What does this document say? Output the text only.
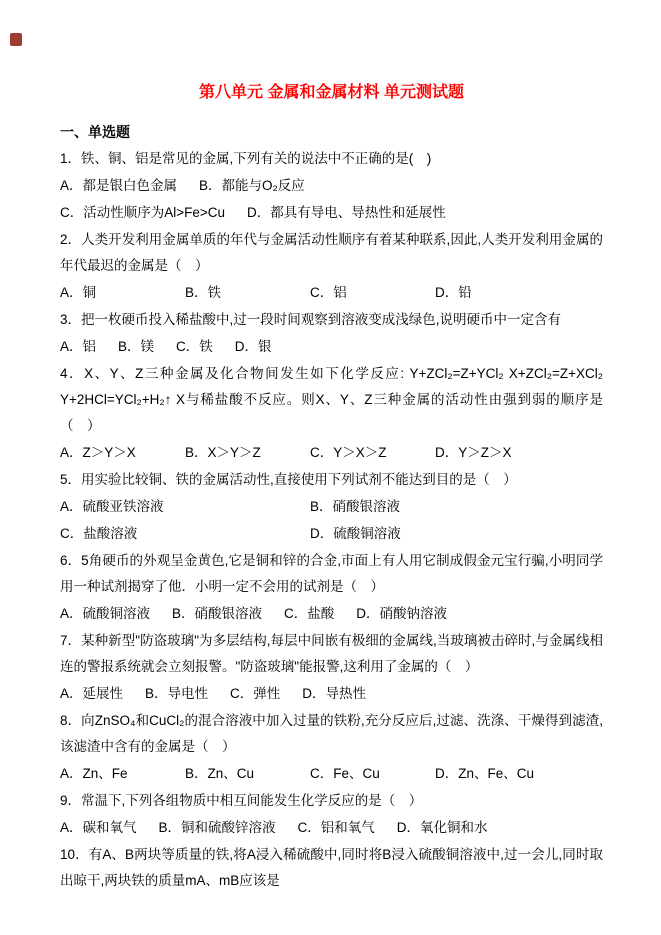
第八单元 金属和金属材料 单元测试题

一、单选题

1．铁、铜、铝是常见的金属,下列有关的说法中不正确的是(　)

A．都是银白色金属 B．都能与O₂反应

C．活动性顺序为Al>Fe>Cu D．都具有导电、导热性和延展性

2．人类开发利用金属单质的年代与金属活动性顺序有着某种联系,因此,人类开发利用金属的年代最迟的金属是（　）

A．铜	B．铁	C．铝	D．铅

3．把一枚硬币投入稀盐酸中,过一段时间观察到溶液变成浅绿色,说明硬币中一定含有

A．铝 B．镁 C．铁 D．银

4．X、Y、Z三种金属及化合物间发生如下化学反应: Y+ZCl₂=Z+YCl₂ X+ZCl₂=Z+XCl₂ Y+2HCl=YCl₂+H₂↑ X与稀盐酸不反应。则X、Y、Z三种金属的活动性由强到弱的顺序是（　）

A．Z＞Y＞X	B．X＞Y＞Z	C．Y＞X＞Z	D．Y＞Z＞X

5．用实验比较铜、铁的金属活动性,直接使用下列试剂不能达到目的是（　）

A．硫酸亚铁溶液	B．硝酸银溶液

C．盐酸溶液	D．硫酸铜溶液

6．5角硬币的外观呈金黄色,它是铜和锌的合金,市面上有人用它制成假金元宝行骗,小明同学用一种试剂揭穿了他．小明一定不会用的试剂是（　）

A．硫酸铜溶液 B．硝酸银溶液 C．盐酸 D．硝酸钠溶液

7．某种新型"防盗玻璃"为多层结构,每层中间嵌有极细的金属线,当玻璃被击碎时,与金属线相连的警报系统就会立刻报警。"防盗玻璃"能报警,这利用了金属的（　）

A．延展性 B．导电性 C．弹性 D．导热性

8．向ZnSO₄和CuCl₂的混合溶液中加入过量的铁粉,充分反应后,过滤、洗涤、干燥得到滤渣,该滤渣中含有的金属是（　）

A．Zn、Fe	B．Zn、Cu	C．Fe、Cu	D．Zn、Fe、Cu

9．常温下,下列各组物质中相互间能发生化学反应的是（　）

A．碳和氧气 B．铜和硫酸锌溶液 C．铝和氧气 D．氧化铜和水

10．有A、B两块等质量的铁,将A浸入稀硫酸中,同时将B浸入硫酸铜溶液中,过一会儿,同时取出晾干,两块铁的质量mA、mB应该是
